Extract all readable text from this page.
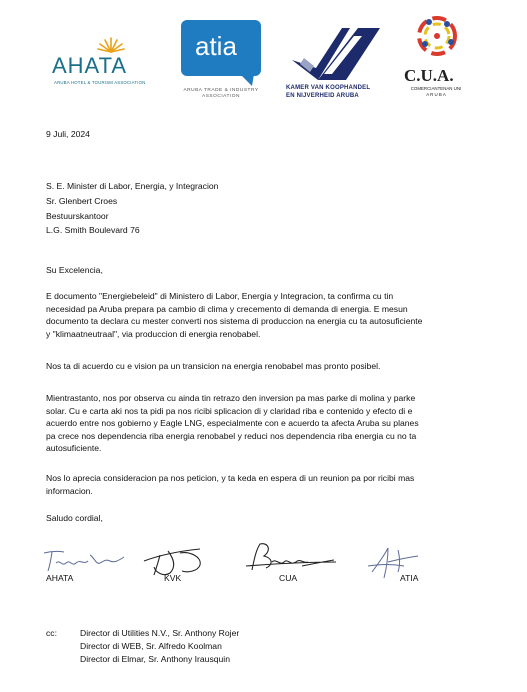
AHATA
ARUBA HOTEL & TOURISM ASSOCIATION
atia
ARUBA TRADE & INDUSTRY
ASSOCIATION
KAMER VAN KOOPHANDEL
EN NIJVERHEID ARUBA
C.U.A.
COMERCIANTENAN UNI
A R U B A
9 Juli, 2024
S. E. Minister di Labor, Energia, y Integracion
Sr. Glenbert Croes
Bestuurskantoor
L.G. Smith Boulevard 76
Su Excelencia,
E documento "Energiebeleid" di Ministero di Labor, Energia y Integracion, ta confirma cu tin
necesidad pa Aruba prepara pa cambio di clima y crecemento di demanda di energia. E mesun
documento ta declara cu mester converti nos sistema di produccion na energia cu ta autosuficiente
y "klimaatneutraal", via produccion di energia renobabel.
Nos ta di acuerdo cu e vision pa un transicion na energia renobabel mas pronto posibel.
Mientrastanto, nos por observa cu ainda tin retrazo den inversion pa mas parke di molina y parke
solar. Cu e carta aki nos ta pidi pa nos ricibi splicacion di y claridad riba e contenido y efecto di e
acuerdo entre nos gobierno y Eagle LNG, especialmente con e acuerdo ta afecta Aruba su planes
pa crece nos dependencia riba energia renobabel y reduci nos dependencia riba energia cu no ta
autosuficiente.
Nos lo aprecia consideracion pa nos peticion, y ta keda en espera di un reunion pa por ricibi mas
informacion.
Saludo cordial,
AHATA	KVK	CUA	ATIA
cc:	Director di Utilities N.V., Sr. Anthony Rojer
Director di WEB, Sr. Alfredo Koolman
Director di Elmar, Sr. Anthony Irausquin
